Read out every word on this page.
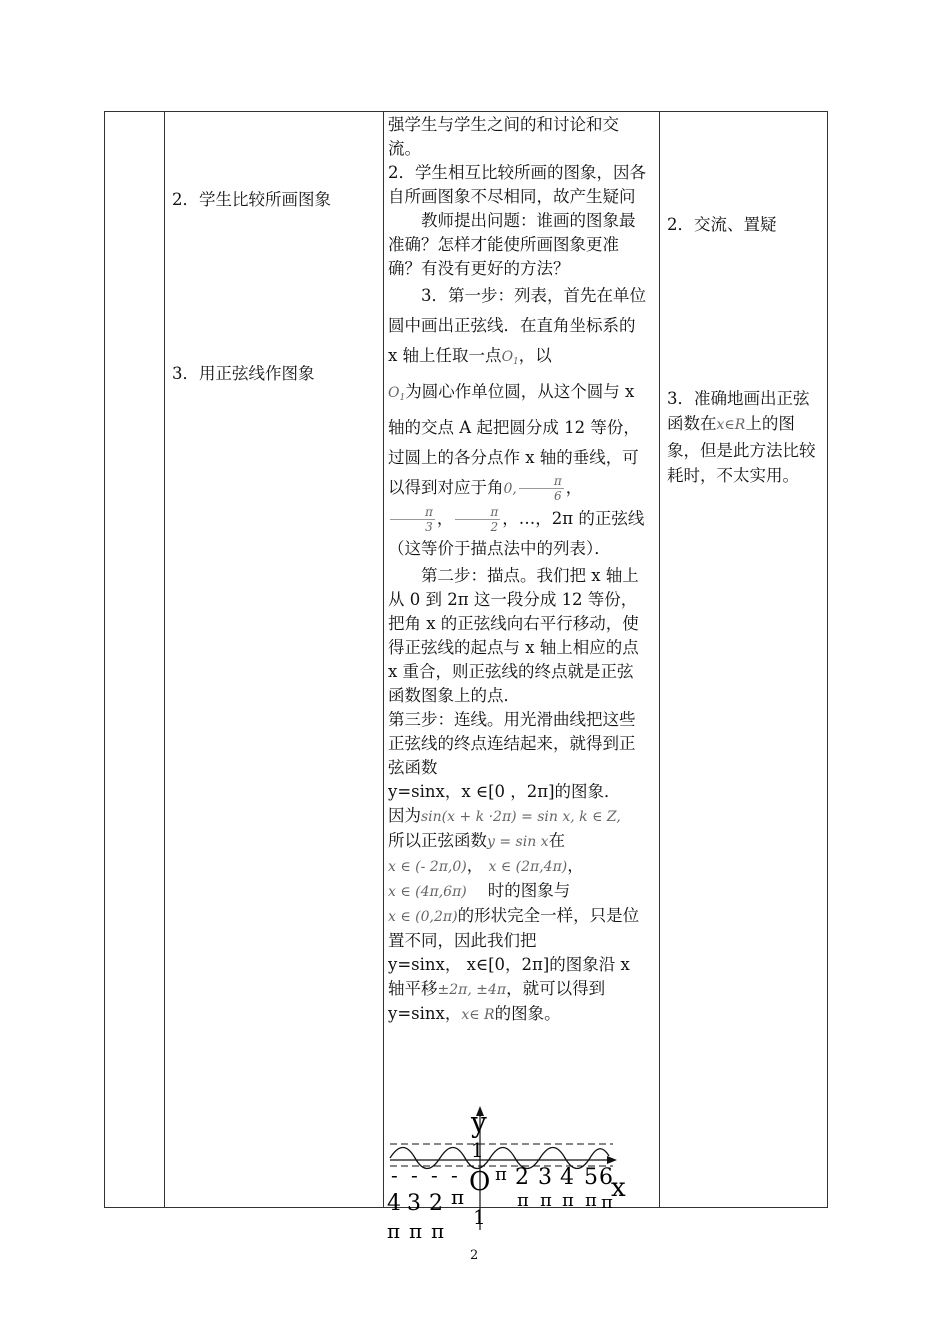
2．学生比较所画图象
3．用正弦线作图象
2．交流、置疑
3．准确地画出正弦函数在x∈R上的图象，但是此方法比较耗时，不太实用。

强学生与学生之间的和讨论和交流。

2．学生相互比较所画的图象，因各自所画图象不尽相同，故产生疑问

教师提出问题：谁画的图象最准确？怎样才能使所画图象更准确？有没有更好的方法？

3．第一步：列表，首先在单位圆中画出正弦线．在直角坐标系的 x 轴上任取一点$O_1$，以
$O_1$为圆心作单位圆，从这个圆与 x 轴的交点 A 起把圆分成 12 等份，过圆上的各分点作 x 轴的垂线，可以得到对应于角0, $\frac{\pi}{6}$ ，

$\frac{\pi}{3}$ ， $\frac{\pi}{2}$ ，…，2π 的正弦线（这等价于描点法中的列表）．

第二步：描点。我们把 x 轴上从 0 到 2π 这一段分成 12 等份，把角 x 的正弦线向右平行移动，使得正弦线的起点与 x 轴上相应的点 x 重合，则正弦线的终点就是正弦函数图象上的点．

第三步：连线。用光滑曲线把这些正弦线的终点连结起来，就得到正弦函数

y=sinx，x ∈[0 ，2π]的图象．

因为sin(x + k ·2π) = sin x, k ∈ Z,

所以正弦函数y = sin x在

x ∈ (- 2π,0)， x ∈ (2π,4π)，

x ∈ (4π,6π) 时的图象与

x ∈ (0,2π)的形状完全一样，只是位置不同，因此我们把

y=sinx， x∈[0，2π]的图象沿 x 轴平移±2π, ±4π，就可以得到

y=sinx，x∈ R的图象。

y
x
O
1
1
- - - -
4 3 2 π
π π π
π 2 3 4 5 6
π π π π π
2
